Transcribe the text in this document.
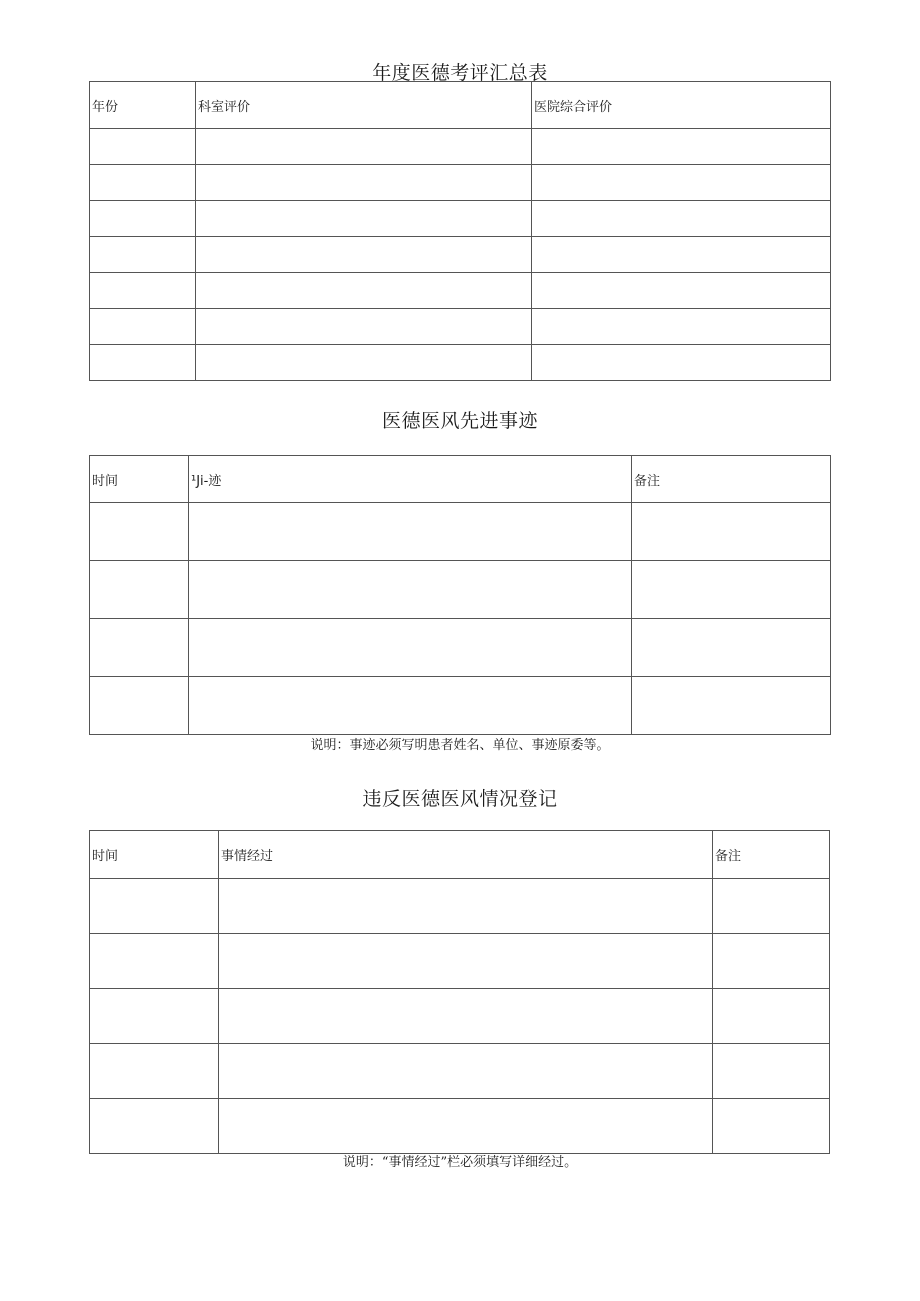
年度医德考评汇总表
年份	科室评价	医院综合评价

医德医风先进事迹
时间	¹Ji-迹	备注

说明：事迹必须写明患者姓名、单位、事迹原委等。
违反医德医风情况登记
时间	事情经过	备注

说明：“事情经过”栏必须填写详细经过。
